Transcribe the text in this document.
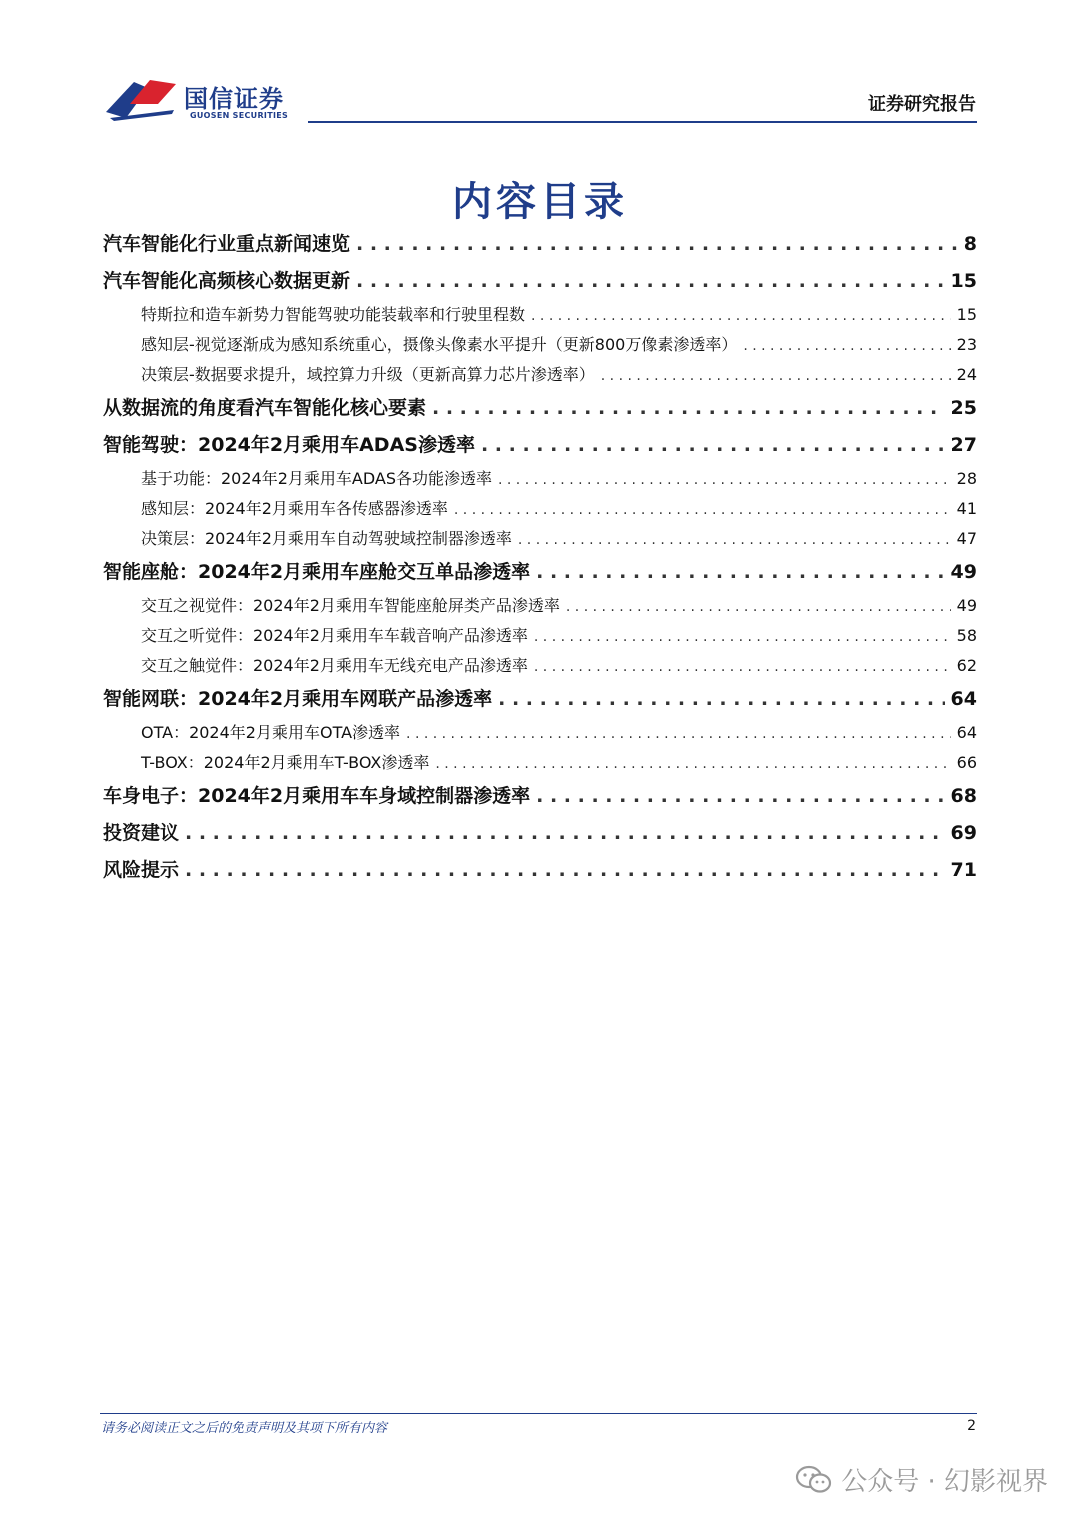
国信证券
GUOSEN SECURITIES
证券研究报告
内容目录
汽车智能化行业重点新闻速览 . . .	8
汽车智能化高频核心数据更新 . . .	15
特斯拉和造车新势力智能驾驶功能装载率和行驶里程数 . . .	15
感知层-视觉逐渐成为感知系统重心，摄像头像素水平提升（更新800万像素渗透率） . . .	23
决策层-数据要求提升，域控算力升级（更新高算力芯片渗透率） . . .	24
从数据流的角度看汽车智能化核心要素 . . .	25
智能驾驶：2024年2月乘用车ADAS渗透率 . . .	27
基于功能：2024年2月乘用车ADAS各功能渗透率 . . .	28
感知层：2024年2月乘用车各传感器渗透率 . . .	41
决策层：2024年2月乘用车自动驾驶域控制器渗透率 . . .	47
智能座舱：2024年2月乘用车座舱交互单品渗透率 . . .	49
交互之视觉件：2024年2月乘用车智能座舱屏类产品渗透率 . . .	49
交互之听觉件：2024年2月乘用车车载音响产品渗透率 . . .	58
交互之触觉件：2024年2月乘用车无线充电产品渗透率 . . .	62
智能网联：2024年2月乘用车网联产品渗透率 . . .	64
OTA：2024年2月乘用车OTA渗透率 . . .	64
T-BOX：2024年2月乘用车T-BOX渗透率 . . .	66
车身电子：2024年2月乘用车车身域控制器渗透率 . . .	68
投资建议 . . .	69
风险提示 . . .	71
请务必阅读正文之后的免责声明及其项下所有内容	2
公众号 · 幻影视界
